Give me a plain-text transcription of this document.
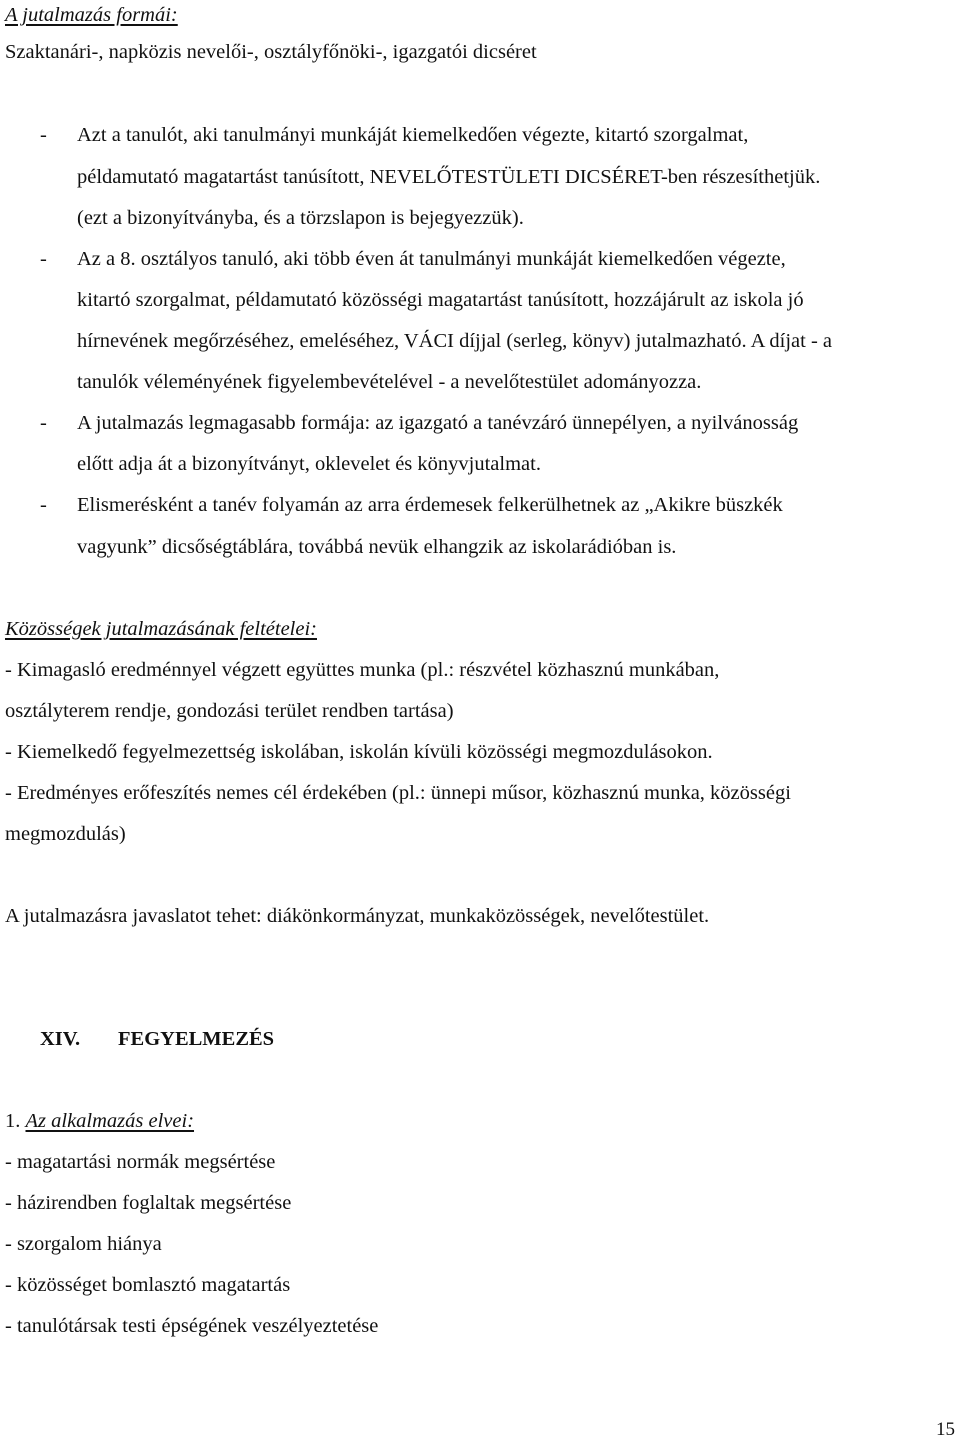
A jutalmazás formái:
Szaktanári-, napközis nevelői-, osztályfőnöki-, igazgatói dicséret
- Azt a tanulót, aki tanulmányi munkáját kiemelkedően végezte, kitartó szorgalmat,
példamutató magatartást tanúsított, NEVELŐTESTÜLETI DICSÉRET-ben részesíthetjük.
(ezt a bizonyítványba, és a törzslapon is bejegyezzük).
- Az a 8. osztályos tanuló, aki több éven át tanulmányi munkáját kiemelkedően végezte,
kitartó szorgalmat, példamutató közösségi magatartást tanúsított, hozzájárult az iskola jó
hírnevének megőrzéséhez, emeléséhez, VÁCI díjjal (serleg, könyv) jutalmazható. A díjat - a
tanulók véleményének figyelembevételével - a nevelőtestület adományozza.
- A jutalmazás legmagasabb formája: az igazgató a tanévzáró ünnepélyen, a nyilvánosság
előtt adja át a bizonyítványt, oklevelet és könyvjutalmat.
- Elismerésként a tanév folyamán az arra érdemesek felkerülhetnek az „Akikre büszkék
vagyunk” dicsőségtáblára, továbbá nevük elhangzik az iskolarádióban is.
Közösségek jutalmazásának feltételei:
- Kimagasló eredménnyel végzett együttes munka (pl.: részvétel közhasznú munkában,
osztályterem rendje, gondozási terület rendben tartása)
- Kiemelkedő fegyelmezettség iskolában, iskolán kívüli közösségi megmozdulásokon.
- Eredményes erőfeszítés nemes cél érdekében (pl.: ünnepi műsor, közhasznú munka, közösségi
megmozdulás)
A jutalmazásra javaslatot tehet: diákönkormányzat, munkaközösségek, nevelőtestület.
XIV. FEGYELMEZÉS
1. Az alkalmazás elvei:
- magatartási normák megsértése
- házirendben foglaltak megsértése
- szorgalom hiánya
- közösséget bomlasztó magatartás
- tanulótársak testi épségének veszélyeztetése
15
